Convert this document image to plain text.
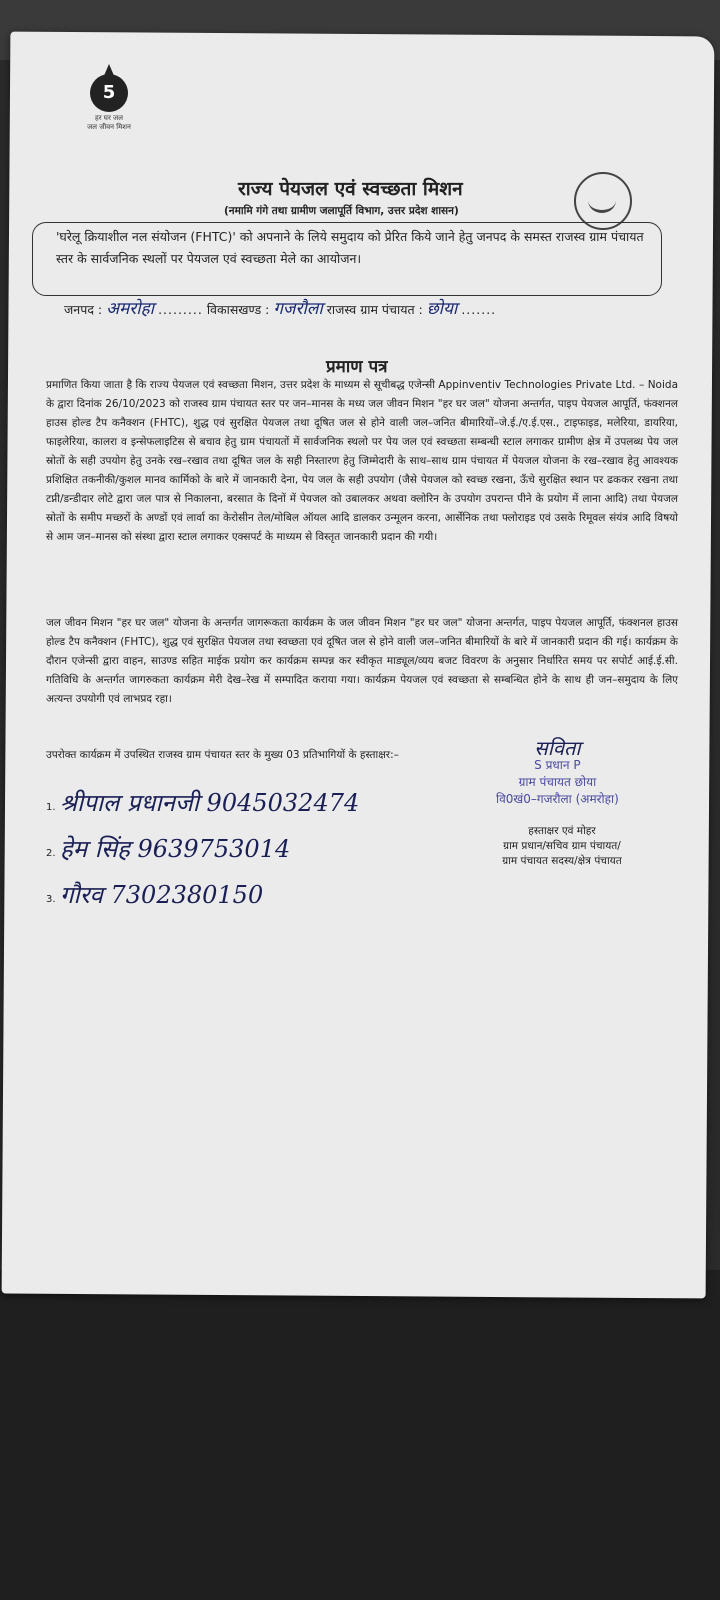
5
हर घर जल
जल जीवन मिशन
राज्य पेयजल एवं स्वच्छता मिशन
(नमामि गंगे तथा ग्रामीण जलापूर्ति विभाग, उत्तर प्रदेश शासन)
'घरेलू क्रियाशील नल संयोजन (FHTC)' को अपनाने के लिये समुदाय को प्रेरित किये जाने हेतु जनपद के समस्त राजस्व ग्राम पंचायत स्तर के सार्वजनिक स्थलों पर पेयजल एवं स्वच्छता मेले का आयोजन।
जनपद : अमरोहा ......... विकासखण्ड : गजरौला राजस्व ग्राम पंचायत : छोया .......
प्रमाण पत्र
प्रमाणित किया जाता है कि राज्य पेयजल एवं स्वच्छता मिशन, उत्तर प्रदेश के माध्यम से सूचीबद्ध एजेन्सी Appinventiv Technologies Private Ltd. – Noida के द्वारा दिनांक 26/10/2023 को राजस्व ग्राम पंचायत स्तर पर जन–मानस के मध्य जल जीवन मिशन "हर घर जल" योजना अन्तर्गत, पाइप पेयजल आपूर्ति, फंक्शनल हाउस होल्ड टैप कनैक्शन (FHTC), शुद्ध एवं सुरक्षित पेयजल तथा दूषित जल से होने वाली जल–जनित बीमारियों–जे.ई./ए.ई.एस., टाइफाइड, मलेरिया, डायरिया, फाइलेरिया, कालरा व इन्सेफलाइटिस से बचाव हेतु ग्राम पंचायतों में सार्वजनिक स्थलो पर पेय जल एवं स्वच्छता सम्बन्धी स्टाल लगाकर ग्रामीण क्षेत्र में उपलब्ध पेय जल स्रोतों के सही उपयोग हेतु उनके रख–रखाव तथा दूषित जल के सही निस्तारण हेतु जिम्मेदारी के साथ–साथ ग्राम पंचायत में पेयजल योजना के रख–रखाव हेतु आवश्यक प्रशिक्षित तकनीकी/कुशल मानव कार्मिको के बारे में जानकारी देना, पेय जल के सही उपयोग (जैसे पेयजल को स्वच्छ रखना, ऊँचे सुरक्षित स्थान पर ढककर रखना तथा टप्नी/डन्डीदार लोटे द्वारा जल पात्र से निकालना, बरसात के दिनों में पेयजल को उबालकर अथवा क्लोरिन के उपयोग उपरान्त पीने के प्रयोग में लाना आदि) तथा पेयजल स्रोतों के समीप मच्छरों के अण्डों एवं लार्वा का केरोसीन तेल/मोबिल ऑयल आदि डालकर उन्मूलन करना, आर्सेनिक तथा फ्लोराइड एवं उसके रिमूवल संयंत्र आदि विषयो से आम जन–मानस को संस्था द्वारा स्टाल लगाकर एक्सपर्ट के माध्यम से विस्तृत जानकारी प्रदान की गयी।
जल जीवन मिशन "हर घर जल" योजना के अन्तर्गत जागरूकता कार्यक्रम के जल जीवन मिशन "हर घर जल" योजना अन्तर्गत, पाइप पेयजल आपूर्ति, फंक्शनल हाउस होल्ड टैप कनैक्शन (FHTC), शुद्ध एवं सुरक्षित पेयजल तथा स्वच्छता एवं दूषित जल से होने वाली जल–जनित बीमारियों के बारे में जानकारी प्रदान की गई। कार्यक्रम के दौरान एजेन्सी द्वारा वाहन, साउण्ड सहित माईक प्रयोग कर कार्यक्रम सम्पन्न कर स्वीकृत माड्यूल/व्यय बजट विवरण के अनुसार निर्धारित समय पर सपोर्ट आई.ई.सी. गतिविधि के अन्तर्गत जागरुकता कार्यक्रम मेरी देख–रेख में सम्पादित कराया गया। कार्यक्रम पेयजल एवं स्वच्छता से सम्बन्धित होने के साथ ही जन–समुदाय के लिए अत्यन्त उपयोगी एवं लाभप्रद रहा।
उपरोक्त कार्यक्रम में उपस्थित राजस्व ग्राम पंचायत स्तर के मुख्य 03 प्रतिभागियों के हस्ताक्षर:–
1. श्रीपाल प्रधानजी 9045032474
2. हेम सिंह 9639753014
3. गौरव 7302380150
सविता
S प्रधान P
ग्राम पंचायत छोया
वि0खं0–गजरौला (अमरोहा)
हस्ताक्षर एवं मोहर
ग्राम प्रधान/सचिव ग्राम पंचायत/
ग्राम पंचायत सदस्य/क्षेत्र पंचायत
